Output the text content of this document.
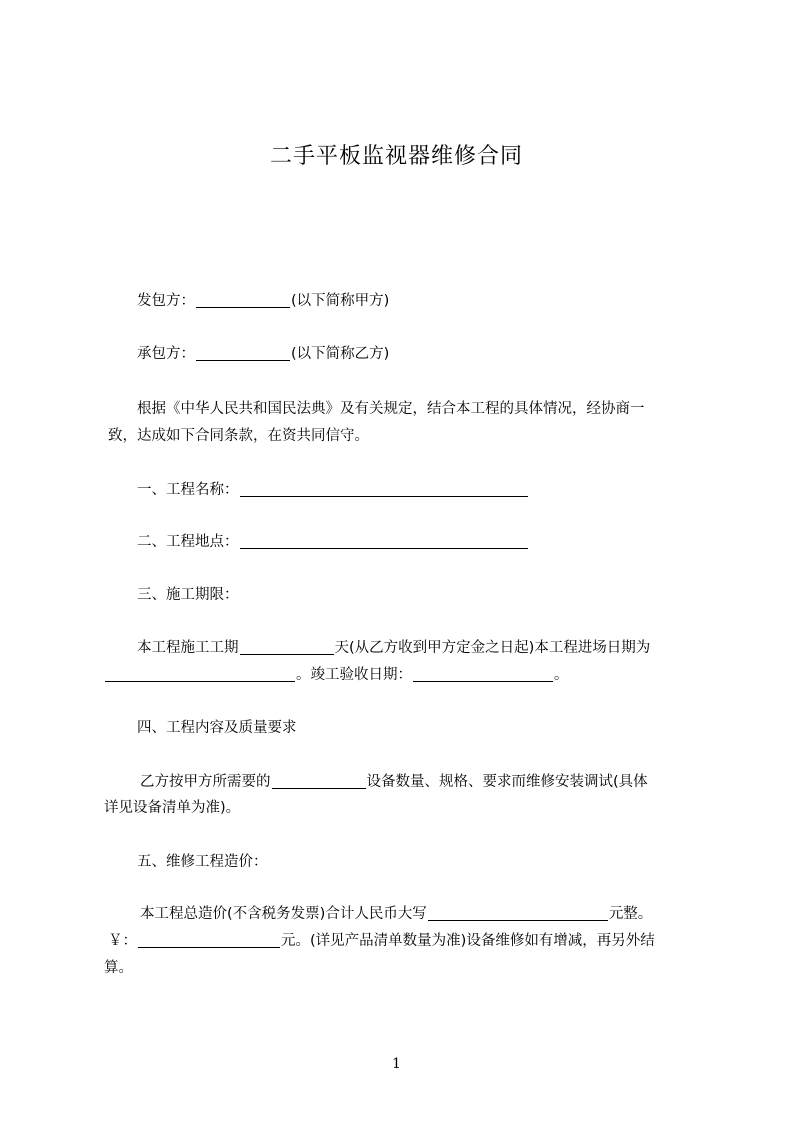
二手平板监视器维修合同
发包方：	(以下简称甲方)
承包方：	(以下简称乙方)
根据《中华人民共和国民法典》及有关规定，结合本工程的具体情况，经协商一
致，达成如下合同条款，在资共同信守。
一、工程名称：
二、工程地点：
三、施工期限：
本工程施工工期	天(从乙方收到甲方定金之日起)本工程进场日期为
。竣工验收日期：	。
四、工程内容及质量要求
乙方按甲方所需要的	设备数量、规格、要求而维修安装调试(具体
详见设备清单为准)。
五、维修工程造价：
本工程总造价(不含税务发票)合计人民币大写	元整。
￥：	元。(详见产品清单数量为准)设备维修如有增减，再另外结
算。
1
